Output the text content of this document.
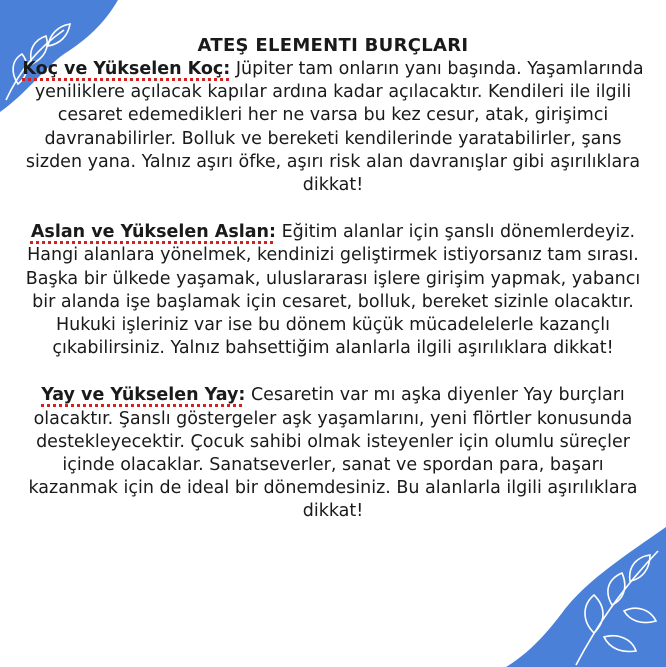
ATEŞ ELEMENTI BURÇLARI

Koç ve Yükselen Koç: Jüpiter tam onların yanı başında. Yaşamlarında yeniliklere açılacak kapılar ardına kadar açılacaktır. Kendileri ile ilgili cesaret edemedikleri her ne varsa bu kez cesur, atak, girişimci davranabilirler. Bolluk ve bereketi kendilerinde yaratabilirler, şans sizden yana. Yalnız aşırı öfke, aşırı risk alan davranışlar gibi aşırılıklara dikkat!

Aslan ve Yükselen Aslan: Eğitim alanlar için şanslı dönemlerdeyiz. Hangi alanlara yönelmek, kendinizi geliştirmek istiyorsanız tam sırası. Başka bir ülkede yaşamak, uluslararası işlere girişim yapmak, yabancı bir alanda işe başlamak için cesaret, bolluk, bereket sizinle olacaktır. Hukuki işleriniz var ise bu dönem küçük mücadelelerle kazançlı çıkabilirsiniz. Yalnız bahsettiğim alanlarla ilgili aşırılıklara dikkat!

Yay ve Yükselen Yay: Cesaretin var mı aşka diyenler Yay burçları olacaktır. Şanslı göstergeler aşk yaşamlarını, yeni flörtler konusunda destekleyecektir. Çocuk sahibi olmak isteyenler için olumlu süreçler içinde olacaklar. Sanatseverler, sanat ve spordan para, başarı kazanmak için de ideal bir dönemdesiniz. Bu alanlarla ilgili aşırılıklara dikkat!
